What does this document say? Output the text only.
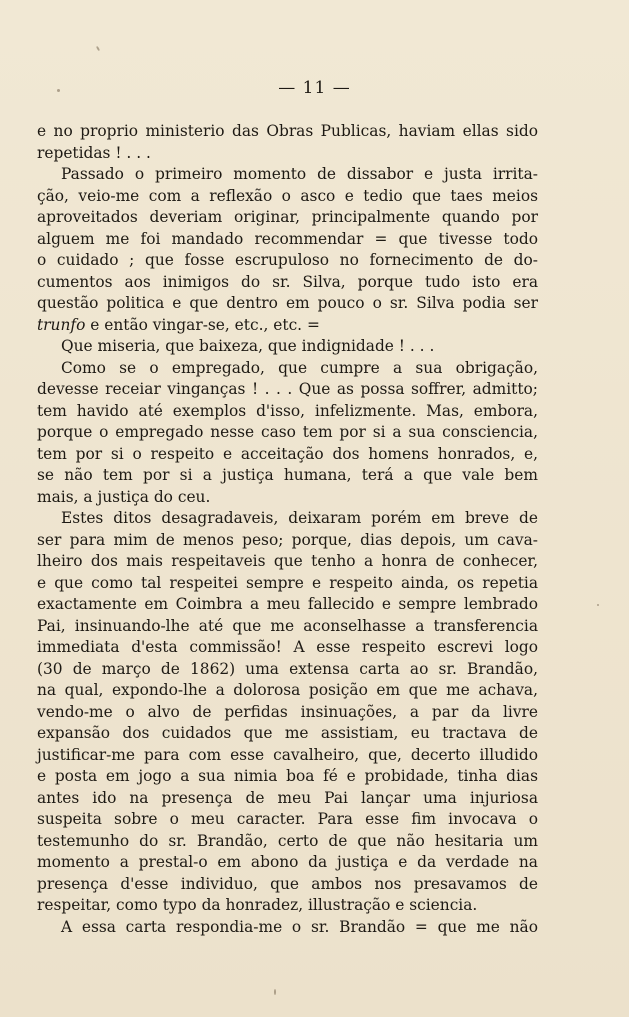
— 11 —
e no proprio ministerio das Obras Publicas, haviam ellas sido
repetidas ! . . .
Passado o primeiro momento de dissabor e justa irrita-
ção, veio-me com a reflexão o asco e tedio que taes meios
aproveitados deveriam originar, principalmente quando por
alguem me foi mandado recommendar = que tivesse todo
o cuidado ; que fosse escrupuloso no fornecimento de do-
cumentos aos inimigos do sr. Silva, porque tudo isto era
questão politica e que dentro em pouco o sr. Silva podia ser
trunfo e então vingar-se, etc., etc. =
Que miseria, que baixeza, que indignidade ! . . .
Como se o empregado, que cumpre a sua obrigação,
devesse receiar vinganças ! . . . Que as possa soffrer, admitto;
tem havido até exemplos d'isso, infelizmente. Mas, embora,
porque o empregado nesse caso tem por si a sua consciencia,
tem por si o respeito e acceitação dos homens honrados, e,
se não tem por si a justiça humana, terá a que vale bem
mais, a justiça do ceu.
Estes ditos desagradaveis, deixaram porém em breve de
ser para mim de menos peso; porque, dias depois, um cava-
lheiro dos mais respeitaveis que tenho a honra de conhecer,
e que como tal respeitei sempre e respeito ainda, os repetia
exactamente em Coimbra a meu fallecido e sempre lembrado
Pai, insinuando-lhe até que me aconselhasse a transferencia
immediata d'esta commissão! A esse respeito escrevi logo
(30 de março de 1862) uma extensa carta ao sr. Brandão,
na qual, expondo-lhe a dolorosa posição em que me achava,
vendo-me o alvo de perfidas insinuações, a par da livre
expansão dos cuidados que me assistiam, eu tractava de
justificar-me para com esse cavalheiro, que, decerto illudido
e posta em jogo a sua nimia boa fé e probidade, tinha dias
antes ido na presença de meu Pai lançar uma injuriosa
suspeita sobre o meu caracter. Para esse fim invocava o
testemunho do sr. Brandão, certo de que não hesitaria um
momento a prestal-o em abono da justiça e da verdade na
presença d'esse individuo, que ambos nos presavamos de
respeitar, como typo da honradez, illustração e sciencia.
A essa carta respondia-me o sr. Brandão = que me não
